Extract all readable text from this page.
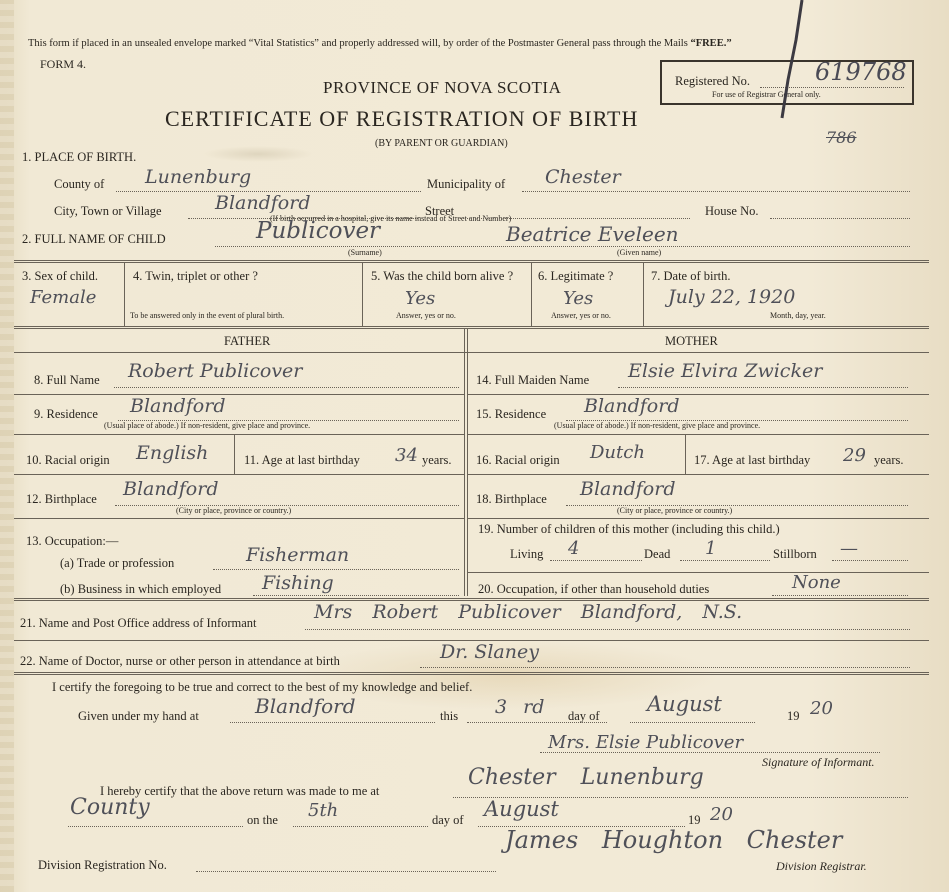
This form if placed in an unsealed envelope marked “Vital Statistics” and properly addressed will, by order of the Postmaster General pass through the Mails “FREE.”
FORM 4.
PROVINCE OF NOVA SCOTIA
CERTIFICATE OF REGISTRATION OF BIRTH
(BY PARENT OR GUARDIAN)
Registered No.	619768
For use of Registrar General only.
786
1. PLACE OF BIRTH.
County of Lunenburg	Municipality of Chester
City, Town or Village	Blandford
(If birth occurred in a hospital, give its name instead of Street and Number)
Street	House No.
2. FULL NAME OF CHILD	Publicover	Beatrice Eveleen
(Surname)	(Given name)
3. Sex of child.
Female
4. Twin, triplet or other ?
To be answered only in the event of plural birth.
5. Was the child born alive ?
Yes
Answer, yes or no.
6. Legitimate ?
Yes
Answer, yes or no.
7. Date of birth.
July 22, 1920
Month, day, year.
FATHER	MOTHER
8. Full Name Robert Publicover
9. Residence Blandford
(Usual place of abode.) If non-resident, give place and province.
10. Racial origin English	11. Age at last birthday 34 years.
12. Birthplace Blandford
(City or place, province or country.)
13. Occupation:—
(a) Trade or profession	Fisherman
(b) Business in which employed Fishing
14. Full Maiden Name Elsie Elvira Zwicker
15. Residence Blandford
(Usual place of abode.) If non-resident, give place and province.
16. Racial origin Dutch	17. Age at last birthday 29 years.
18. Birthplace Blandford
(City or place, province or country.)
19. Number of children of this mother (including this child.)
Living 4	Dead 1	Stillborn —
20. Occupation, if other than household duties	None
21. Name and Post Office address of Informant	Mrs Robert Publicover Blandford, N.S.
22. Name of Doctor, nurse or other person in attendance at birth	Dr. Slaney
I certify the foregoing to be true and correct to the best of my knowledge and belief.
Given under my hand at	Blandford	this 3 rd day of August	19 20
Mrs. Elsie Publicover
Signature of Informant.
I hereby certify that the above return was made to me at
Chester Lunenburg
County	on the 5th	day of August	19 20
James Houghton Chester
Division Registration No.	Division Registrar.
